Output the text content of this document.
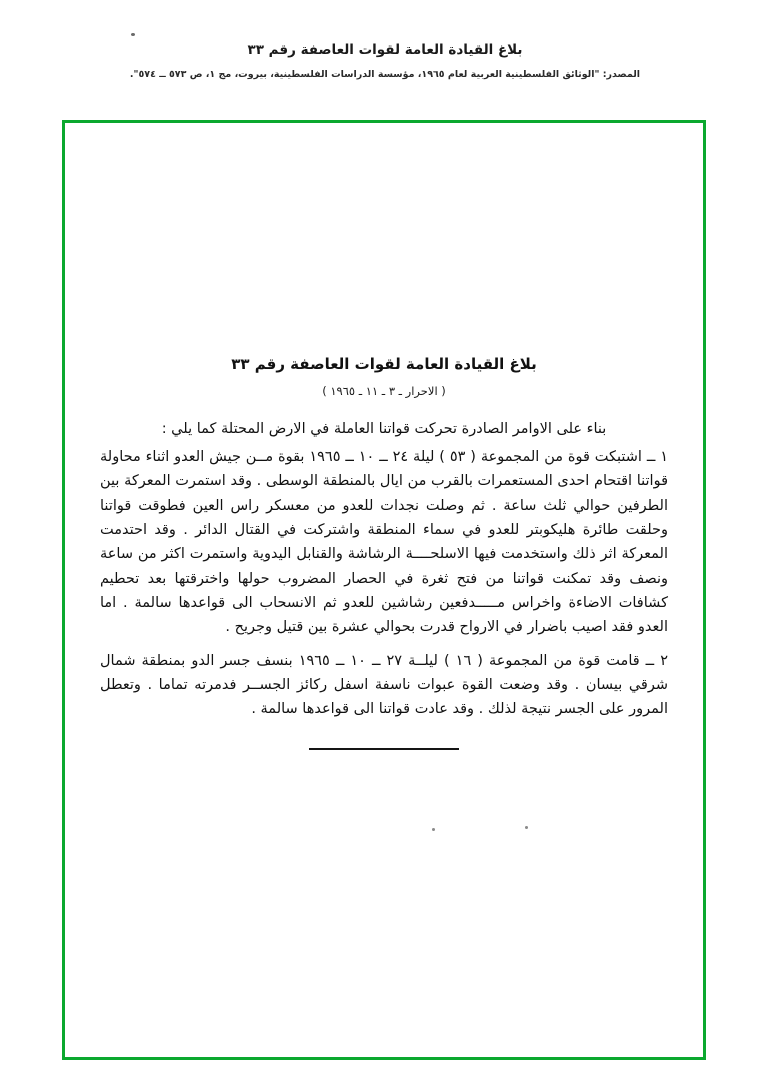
بلاغ القيادة العامة لقوات العاصفة رقم ٣٣
المصدر: "الوثائق الفلسطينية العربية لعام ١٩٦٥، مؤسسة الدراسات الفلسطينية، بيروت، مج ١، ص ٥٧٣ ــ ٥٧٤".
بلاغ القيادة العامة لقوات العاصفة رقم ٣٣
( الاحرار ـ ٣ ـ ١١ ـ ١٩٦٥ )

بناء على الاوامر الصادرة تحركت قواتنا العاملة في الارض المحتلة كما يلي :

١ ــ اشتبكت قوة من المجموعة ( ٥٣ ) ليلة ٢٤ ــ ١٠ ــ ١٩٦٥ بقوة مــن جيش العدو اثناء محاولة قواتنا اقتحام احدى المستعمرات بالقرب من ايال بالمنطقة الوسطى . وقد استمرت المعركة بين الطرفين حوالي ثلث ساعة . ثم وصلت نجدات للعدو من معسكر راس العين فطوقت قواتنا وحلقت طائرة هليكوبتر للعدو في سماء المنطقة واشتركت في القتال الدائر . وقد احتدمت المعركة اثر ذلك واستخدمت فيها الاسلحــــة الرشاشة والقنابل اليدوية واستمرت اكثر من ساعة ونصف وقد تمكنت قواتنا من فتح ثغرة في الحصار المضروب حولها واخترقتها بعد تحطيم كشافات الاضاءة واخراس مـــــدفعين رشاشين للعدو ثم الانسحاب الى قواعدها سالمة . اما العدو فقد اصيب باضرار في الارواح قدرت بحوالي عشرة بين قتيل وجريح .

٢ ــ قامت قوة من المجموعة ( ١٦ ) ليلــة ٢٧ ــ ١٠ ــ ١٩٦٥ بنسف جسر الدو بمنطقة شمال شرقي بيسان . وقد وضعت القوة عبوات ناسفة اسفل ركائز الجســر فدمرته تماما . وتعطل المرور على الجسر نتيجة لذلك . وقد عادت قواتنا الى قواعدها سالمة .
